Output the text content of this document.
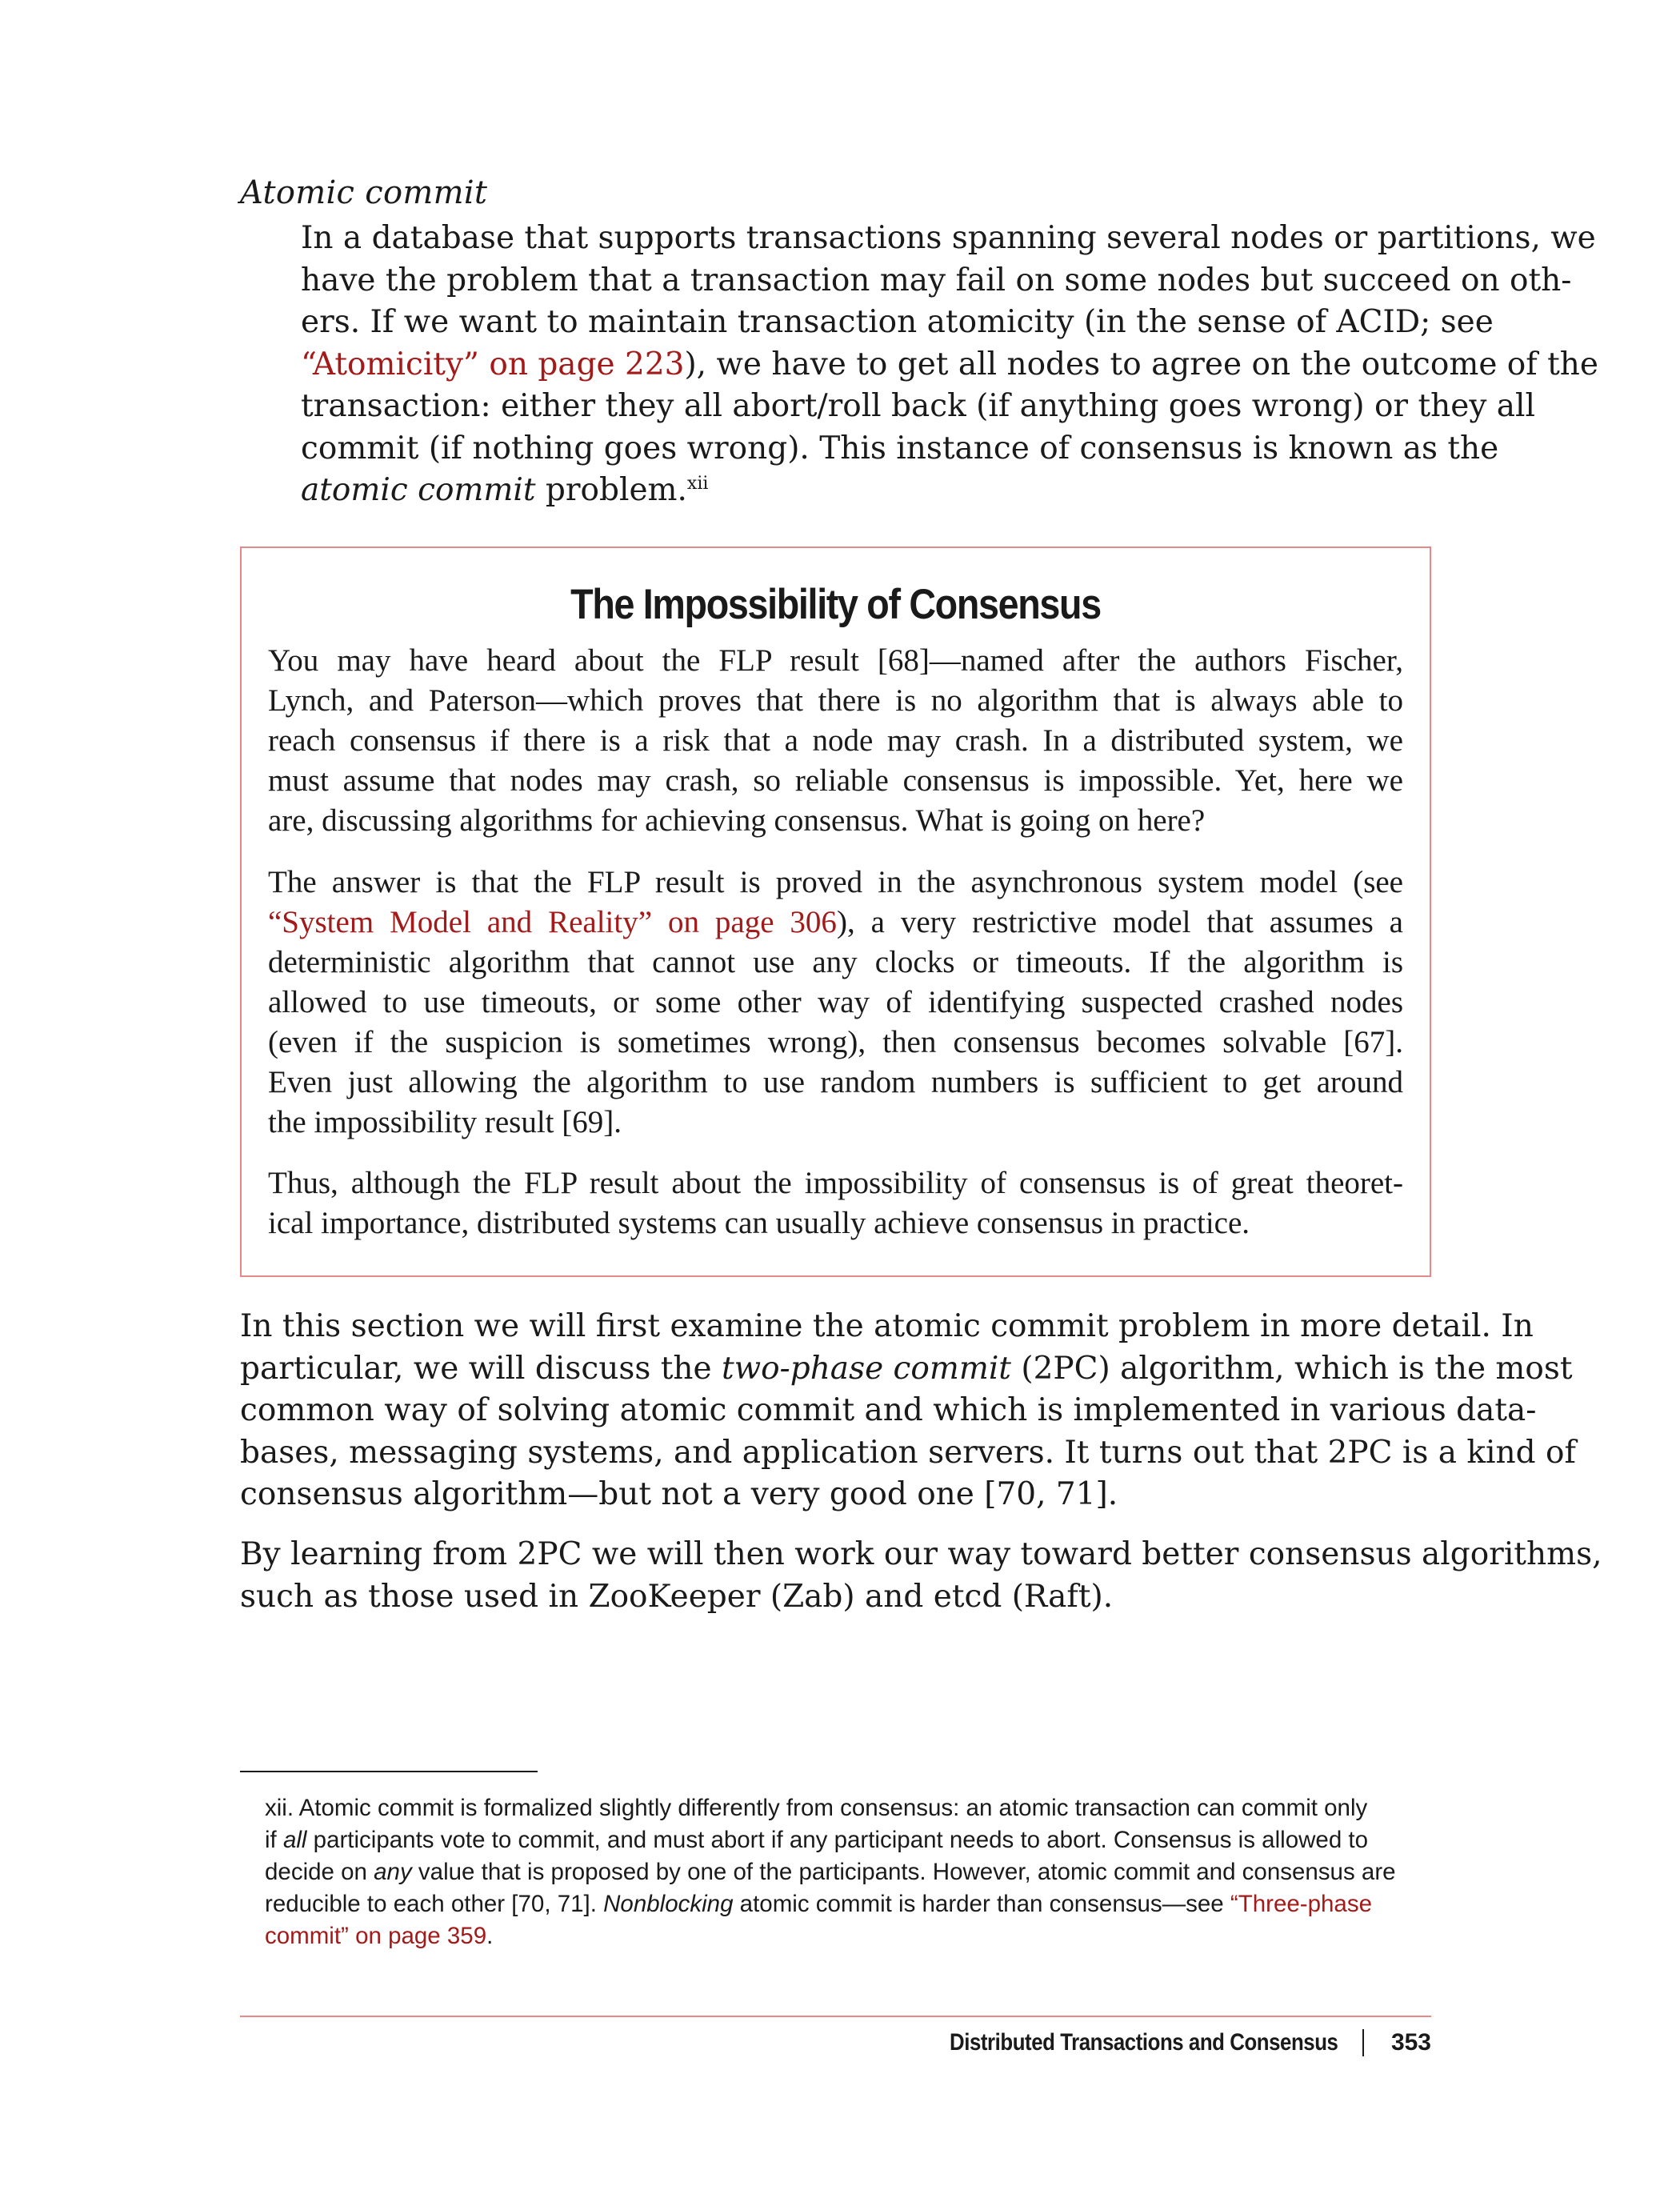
Atomic commit
In a database that supports transactions spanning several nodes or partitions, we
have the problem that a transaction may fail on some nodes but succeed on oth-
ers. If we want to maintain transaction atomicity (in the sense of ACID; see
“Atomicity” on page 223), we have to get all nodes to agree on the outcome of the
transaction: either they all abort/roll back (if anything goes wrong) or they all
commit (if nothing goes wrong). This instance of consensus is known as the
atomic commit problem.$^{xii}$
The Impossibility of Consensus
You may have heard about the FLP result [68]—named after the authors Fischer,
Lynch, and Paterson—which proves that there is no algorithm that is always able to
reach consensus if there is a risk that a node may crash. In a distributed system, we
must assume that nodes may crash, so reliable consensus is impossible. Yet, here we
are, discussing algorithms for achieving consensus. What is going on here?
The answer is that the FLP result is proved in the asynchronous system model (see
“System Model and Reality” on page 306), a very restrictive model that assumes a
deterministic algorithm that cannot use any clocks or timeouts. If the algorithm is
allowed to use timeouts, or some other way of identifying suspected crashed nodes
(even if the suspicion is sometimes wrong), then consensus becomes solvable [67].
Even just allowing the algorithm to use random numbers is sufficient to get around
the impossibility result [69].
Thus, although the FLP result about the impossibility of consensus is of great theoret-
ical importance, distributed systems can usually achieve consensus in practice.
In this section we will first examine the atomic commit problem in more detail. In
particular, we will discuss the two-phase commit (2PC) algorithm, which is the most
common way of solving atomic commit and which is implemented in various data-
bases, messaging systems, and application servers. It turns out that 2PC is a kind of
consensus algorithm—but not a very good one [70, 71].
By learning from 2PC we will then work our way toward better consensus algorithms,
such as those used in ZooKeeper (Zab) and etcd (Raft).
xii. Atomic commit is formalized slightly differently from consensus: an atomic transaction can commit only
if all participants vote to commit, and must abort if any participant needs to abort. Consensus is allowed to
decide on any value that is proposed by one of the participants. However, atomic commit and consensus are
reducible to each other [70, 71]. Nonblocking atomic commit is harder than consensus—see “Three-phase
commit” on page 359.
Distributed Transactions and Consensus 353
